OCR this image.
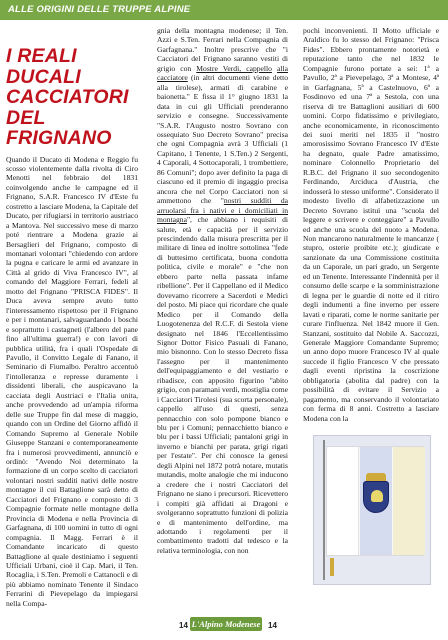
ALLE ORIGINI DELLE TRUPPE ALPINE
I REALI
DUCALI
CACCIATORI
DEL FRIGNANO

Quando il Ducato di Modena e Reggio fu scosso violentemente dalla rivolta di Ciro Menotti nel febbraio del 1831 coinvolgendo anche le campagne ed il Frignano, S.A.R. Francesco IV d'Este fu costretto a lasciare Modena, la Capitale del Ducato, per rifugiarsi in territorio austriaco a Mantova. Nel successivo mese di marzo poté rientrare a Modena grazie ai Bersaglieri del Frignano, composto di montanari volontari "chiedendo con ardore la pugna e caricare le armi ed avanzare in Città al grido di Viva Francesco IV", al comando del Maggiore Ferrari, fedeli al motto del Frignano "PRISCA FIDES". Il Duca aveva sempre avuto tutto l'interessamento rispettoso per il Frignano e per i montanari, salvaguardando i boschi e soprattutto i castagneti (l'albero del pane fino all'ultima guerra!) e con lavori di pubblica utilità, fra i quali l'Ospedale di Pavullo, il Convitto Legale di Fanano, il Seminario di Fiumalbo. Peraltro accentuò l'intolleranza e represse duramente i dissidenti liberali, che auspicavano la cacciata degli Austriaci e l'Italia unita, anche provvedendo ad un'ampia riforma delle sue Truppe fin dal mese di maggio, quando con un Ordine del Giorno affidò il Comando Supremo al Generale Nobile Giuseppe Stanzani e contemporaneamente fra i numerosi provvedimenti, annunciò e ordinò: "Avendo Noi determinato la formazione di un corpo scelto di cacciatori volontari nostri sudditi nativi delle nostre montagne il cui Battaglione sarà detto di Cacciatori del Frignano e composto di 3 Compagnie formate nelle montagne della Provincia di Modena e nella Provincia di Garfagnana, di 100 uomini in tutto di ogni compagnia. Il Magg. Ferrari è il Comandante incaricato di questo Battaglione al quale destiniamo i seguenti Ufficiali Urbani, cioè il Cap. Mari, il Ten. Rocaglia, i S.Ten. Premoli e Cattanocli e di più abbiamo nominato Tenente il Sindaco Ferrarini di Pievepelago da impiegarsi nella Compa-

gnia della montagna modenese; il Ten. Azzi e S.Ten. Ferrari nella Compagnia di Garfagnana." Inoltre prescrive che "i Cacciatori del Frignano saranno vestiti di grigio con Mostre Verdi, cappello alla cacciatore (in altri documenti viene detto alla tirolese), armati di carabine e baionetta." E fissa il 1° giugno 1831 la data in cui gli Ufficiali prenderanno servizio e consegne. Successivamente "S.A.R. l'Augusto nostro Sovrano con ossequiato Suo Decreto Sovrano" precisa che ogni Compagnia avrà 3 Ufficiali (1 Capitano, 1 Tenente, 1 S.Ten.) 2 Sergenti, 4 Caporali, 4 Sottocaporali, 1 trombettiere, 86 Comuni"; dopo aver definito la paga di ciascuno ed il premio di ingaggio precisa ancora che nel Corpo Cacciatori non si ammettono che "nostri sudditi da arruolarsi fra i nativi e i domiciliati in montagna", che abbiano i requisiti di salute, età e capacità per il servizio prescindendo dalla misura prescritta per il militare di linea ed inoltre sottolinea "fede di buttesimo certificata, buona condotta politica, civile e morale" e "che non ebbero parte nella passata infame ribellione". Per il Cappellano ed il Medico dovevamo ricorrere a Sacerdoti e Medici del posto. Mi piace qui ricordare che quale Medico per il Comando della Luogotenenza del R.C.F. di Sestola viene designato nel 1846 l'Eccellentissimo Signor Dottor Fisico Pasuali di Fanano, mio bisnonno. Con lo stesso Decreto fissa l'assegno per il mantenimento dell'equipaggiamento e del vestiario e ribadisce, con apposito figurino "abito grigio, con paramani verdi, mostiglia come i Cacciatori Tirolesi (sua scorta personale), cappello all'uso di questi, senza pennacchio con solo pompone bianco e blu per i Comuni; pennacchietto bianco e blu per i bassi Ufficiali; pantaloni grigi in inverno e bianchi per parata, grigi rigati per l'estate". Per chi conosce la genesi degli Alpini nel 1872 potrà notare, mutatis mutandis, molte analogie che mi inducono a credere che i nostri Cacciatori del Frignano ne siano i precursori. Ricevettero i compiti già affidati ai Dragoni e svolgeranno soprattutto funzioni di polizia e di mantenimento dell'ordine, ma adottando i regolamenti per il combattimento tradotti dal tedesco e la relativa terminologia, con non

pochi inconvenienti. Il Motto ufficiale e Araldico fu lo stesso del Frignano: "Prisca Fides". Ebbero prontamente notorietà e reputazione tanto che nel 1832 le Compagnie furono portate a sei: 1ª a Pavullo, 2ª a Pievepelago, 3ª a Montese, 4ª in Garfagnana, 5ª a Castelnuovo, 6ª a Fosdinovo ed una 7ª a Sestola, con una riserva di tre Battaglioni ausiliari di 600 uomini. Corpo fidatissimo e privilegiato, anche economicamente, in riconoscimento dei suoi meriti nel 1835 il "nostro amorosissimo Sovrano Francesco IV d'Este ha degnato, quale Padre amatissimo, nominare Colonnello Proprietario del R.B.C. del Frignano il suo secondogenito Ferdinando, Arciduca d'Austria, che indosserà lo stesso uniforme". Considerato il modesto livello di alfabetizzazione un Decreto Sovrano istituì una "scuola del leggere e scrivere e conteggiare" a Pavullo ed anche una scuola del nuoto a Modena. Non mancarono naturalmente le mancanze ( stupro, osterie proibite etc.); giudicate e sanzionate da una Commissione costituita da un Caporale, un pari grado, un Sergente ed un Tenente. Interessante l'indennità per il consumo delle scarpe e la somministrazione di legna per le guardie di notte ed il ritiro degli indumenti a fine inverno per essere lavati e riparati, come le norme sanitarie per curare l'influenza. Nel 1842 muore il Gen. Stanzani, sostituito dal Nobile A. Saccozzi, Generale Maggiore Comandante Supremo; un anno dopo muore Francesco IV al quale succede il figlio Francesco V che pressato dagli eventi ripristina la coscrizione obbligatoria (abolita dal padre) con la possibilità di evitare il Servizio a pagamento, ma conservando il volontariato con ferma di 8 anni. Costretto a lasciare Modena con la

14 L'Alpino Modenese 14
